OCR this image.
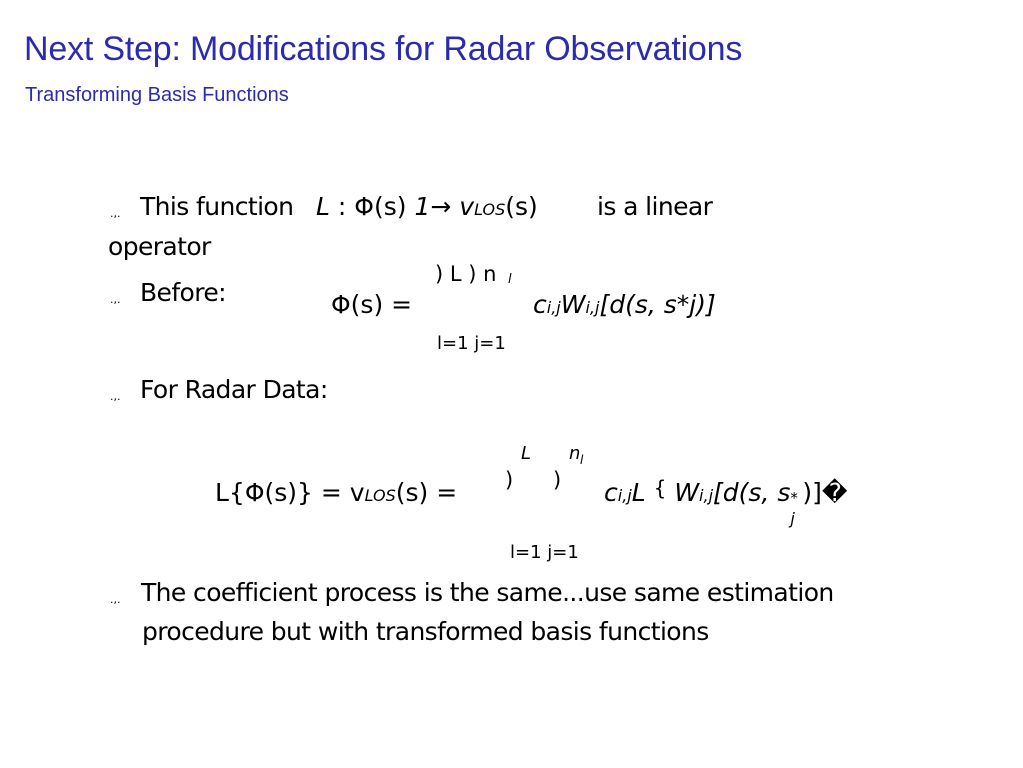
Next Step: Modifications for Radar Observations
Transforming Basis Functions
.,. This function L : Φ(s) 1→ vLOS(s) is a linear
operator
.,. Before:
) L ) n l
Φ(s) =	ci,jWi,j[d(s, s*j)]
l=1 j=1
.,. For Radar Data:
L n l
) )
L{Φ(s)} = vLOS(s) =	ci,jL { Wi,j[d(s, s *
j
)]�
l=1 j=1
.,. The coefficient process is the same...use same estimation
procedure but with transformed basis functions
